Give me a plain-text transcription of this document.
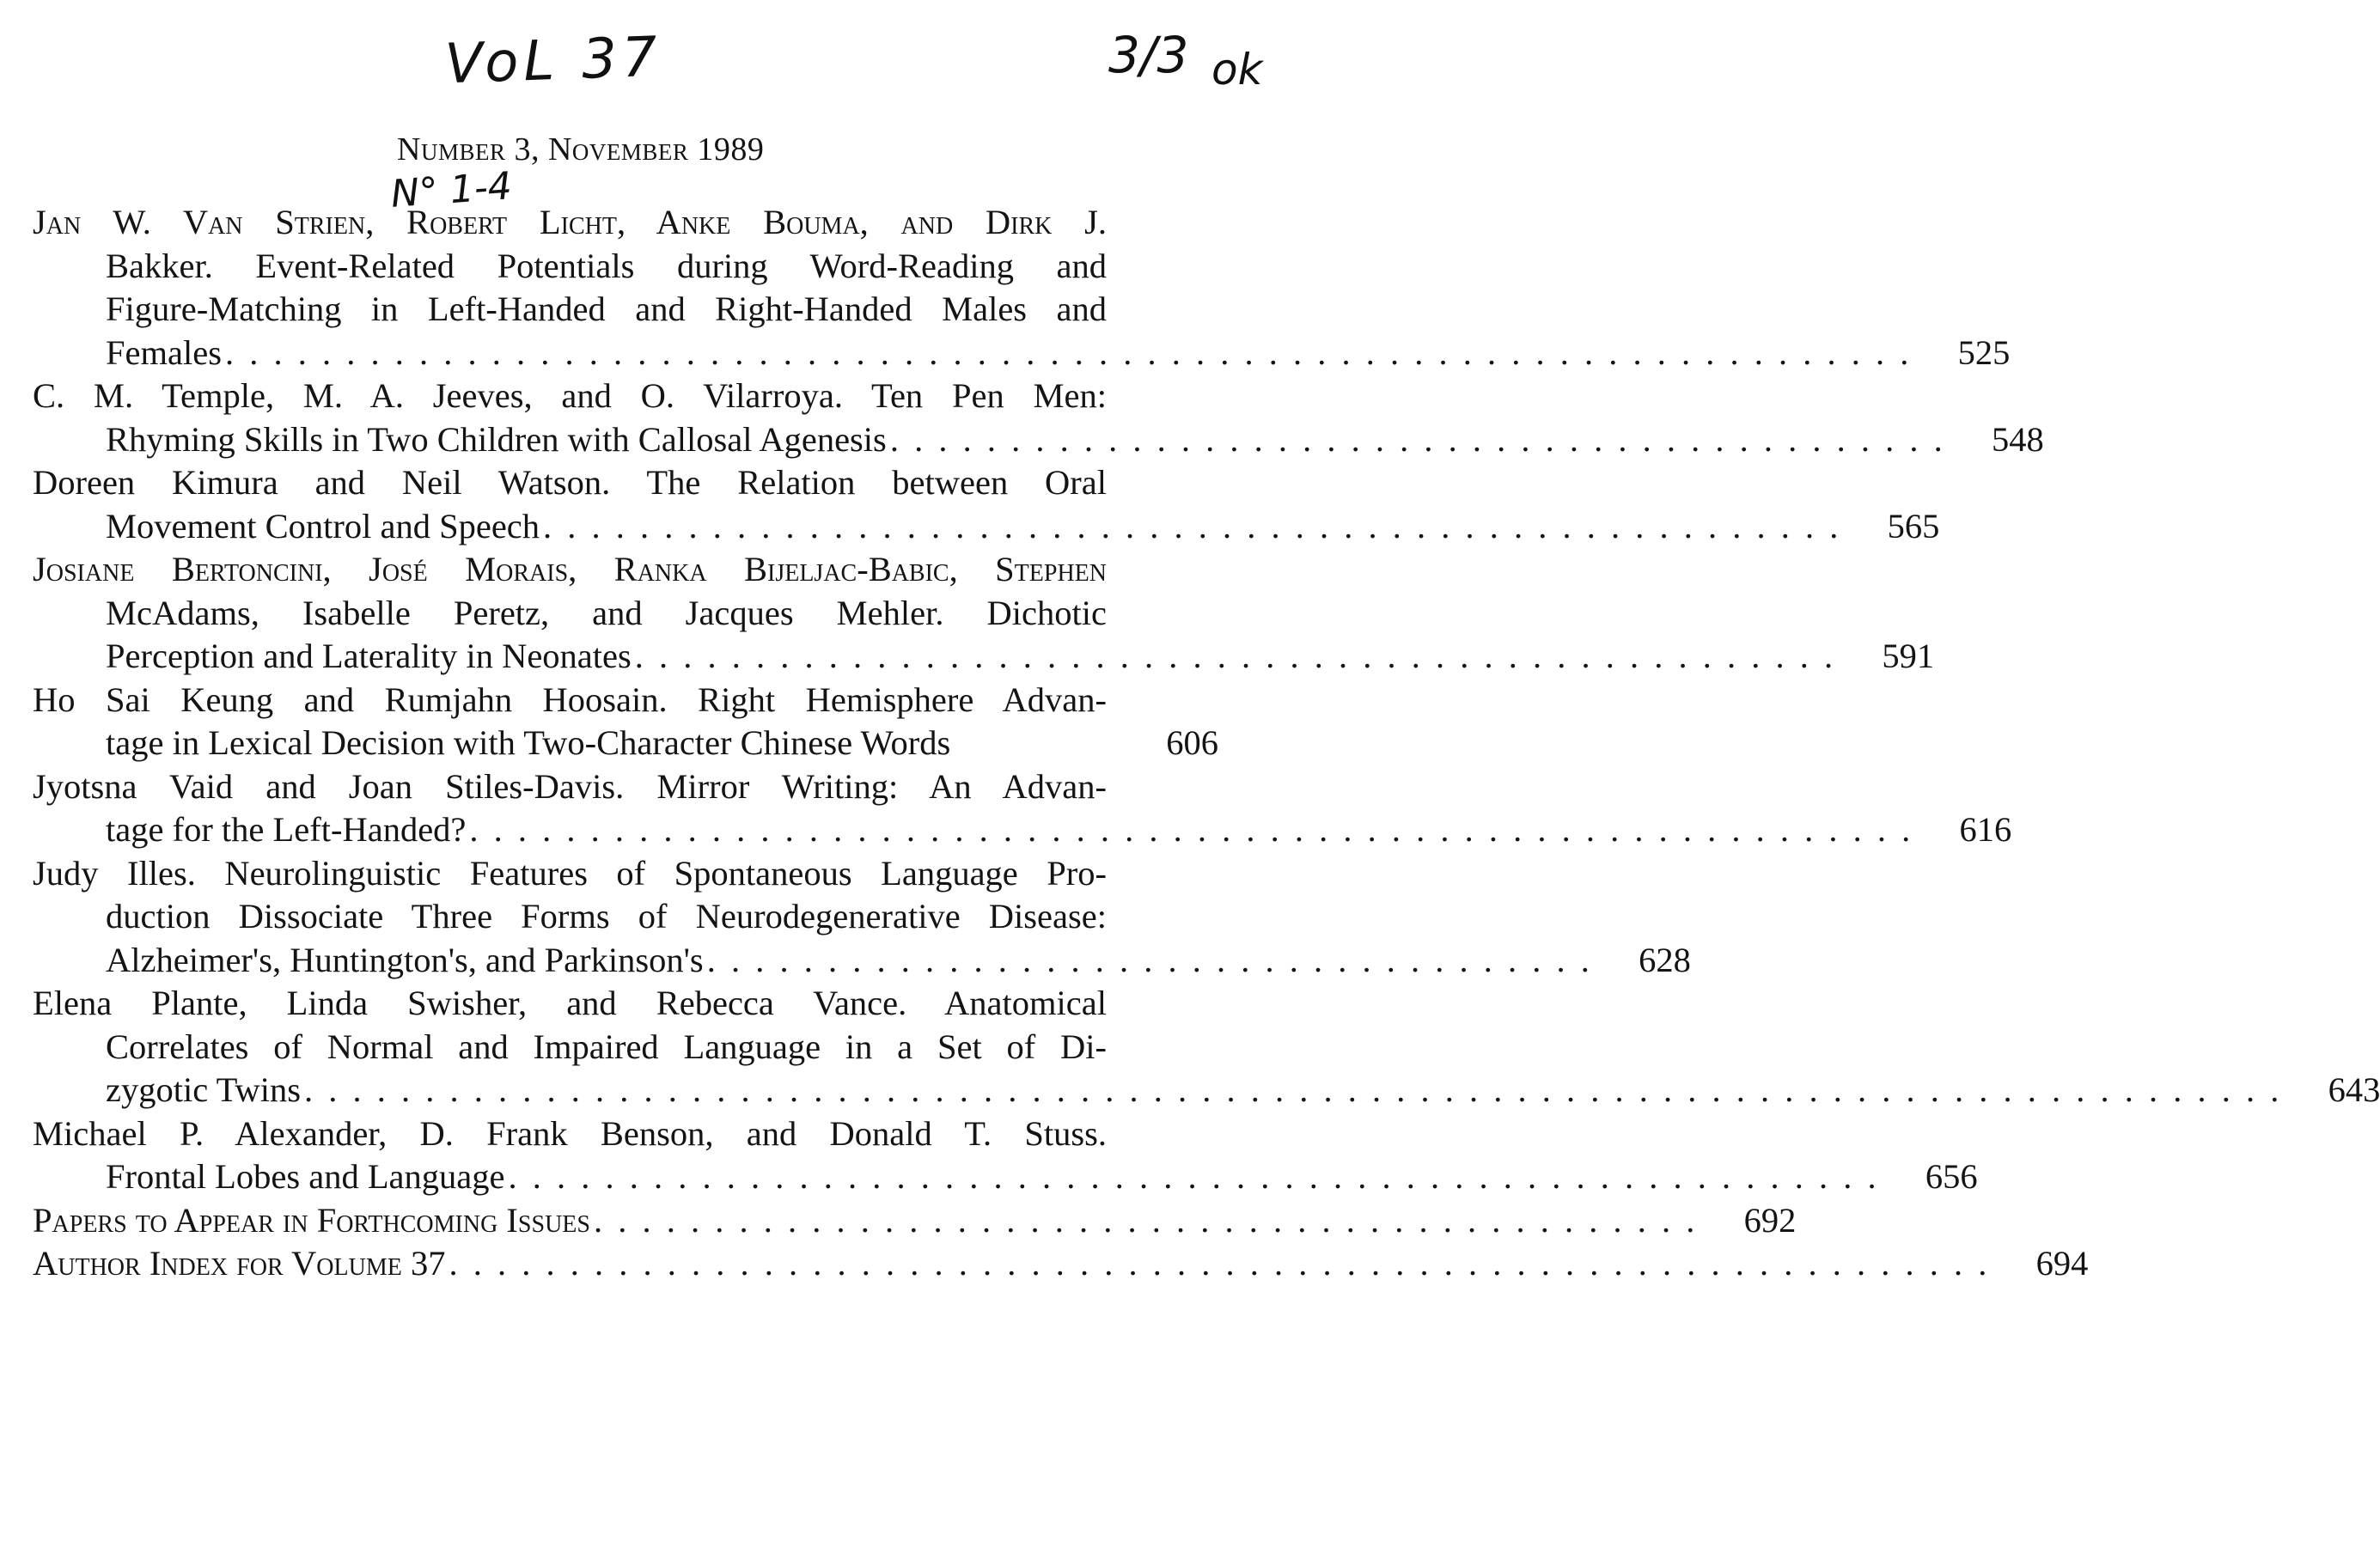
VoL 37	3/3 ok
N° 1-4
Number 3, November 1989
Jan W. Van Strien, Robert Licht, Anke Bouma, and Dirk J.
Bakker. Event-Related Potentials during Word-Reading and
Figure-Matching in Left-Handed and Right-Handed Males and
Females . . . . . . . . . . . . . . . . . . . . . . . . . . . . . . . . . . . . . . . . . . . . . . . . . . . . . . . . . . . . . . . . . . . . . .	525
C. M. Temple, M. A. Jeeves, and O. Vilarroya. Ten Pen Men:
Rhyming Skills in Two Children with Callosal Agenesis . . . . . . . . . . . . . . . . . . . . . . . . . . . . . . . . . . . . . . . . . . . .	548
Doreen Kimura and Neil Watson. The Relation between Oral
Movement Control and Speech . . . . . . . . . . . . . . . . . . . . . . . . . . . . . . . . . . . . . . . . . . . . . . . . . . . . . .	565
Josiane Bertoncini, José Morais, Ranka Bijeljac-Babic, Stephen
McAdams, Isabelle Peretz, and Jacques Mehler. Dichotic
Perception and Laterality in Neonates . . . . . . . . . . . . . . . . . . . . . . . . . . . . . . . . . . . . . . . . . . . . . . . . . .	591
Ho Sai Keung and Rumjahn Hoosain. Right Hemisphere Advan-
tage in Lexical Decision with Two-Character Chinese Words	606
Jyotsna Vaid and Joan Stiles-Davis. Mirror Writing: An Advan-
tage for the Left-Handed? . . . . . . . . . . . . . . . . . . . . . . . . . . . . . . . . . . . . . . . . . . . . . . . . . . . . . . . . . . . .	616
Judy Illes. Neurolinguistic Features of Spontaneous Language Pro-
duction Dissociate Three Forms of Neurodegenerative Disease:
Alzheimer's, Huntington's, and Parkinson's . . . . . . . . . . . . . . . . . . . . . . . . . . . . . . . . . . . . .	628
Elena Plante, Linda Swisher, and Rebecca Vance. Anatomical
Correlates of Normal and Impaired Language in a Set of Di-
zygotic Twins . . . . . . . . . . . . . . . . . . . . . . . . . . . . . . . . . . . . . . . . . . . . . . . . . . . . . . . . . . . . . . . . . . . . . . . . . . . . . . . . . .	643
Michael P. Alexander, D. Frank Benson, and Donald T. Stuss.
Frontal Lobes and Language . . . . . . . . . . . . . . . . . . . . . . . . . . . . . . . . . . . . . . . . . . . . . . . . . . . . . . . . .	656
Papers to Appear in Forthcoming Issues . . . . . . . . . . . . . . . . . . . . . . . . . . . . . . . . . . . . . . . . . . . . . .	692
Author Index for Volume 37 . . . . . . . . . . . . . . . . . . . . . . . . . . . . . . . . . . . . . . . . . . . . . . . . . . . . . . . . . . . . . . . .	694
